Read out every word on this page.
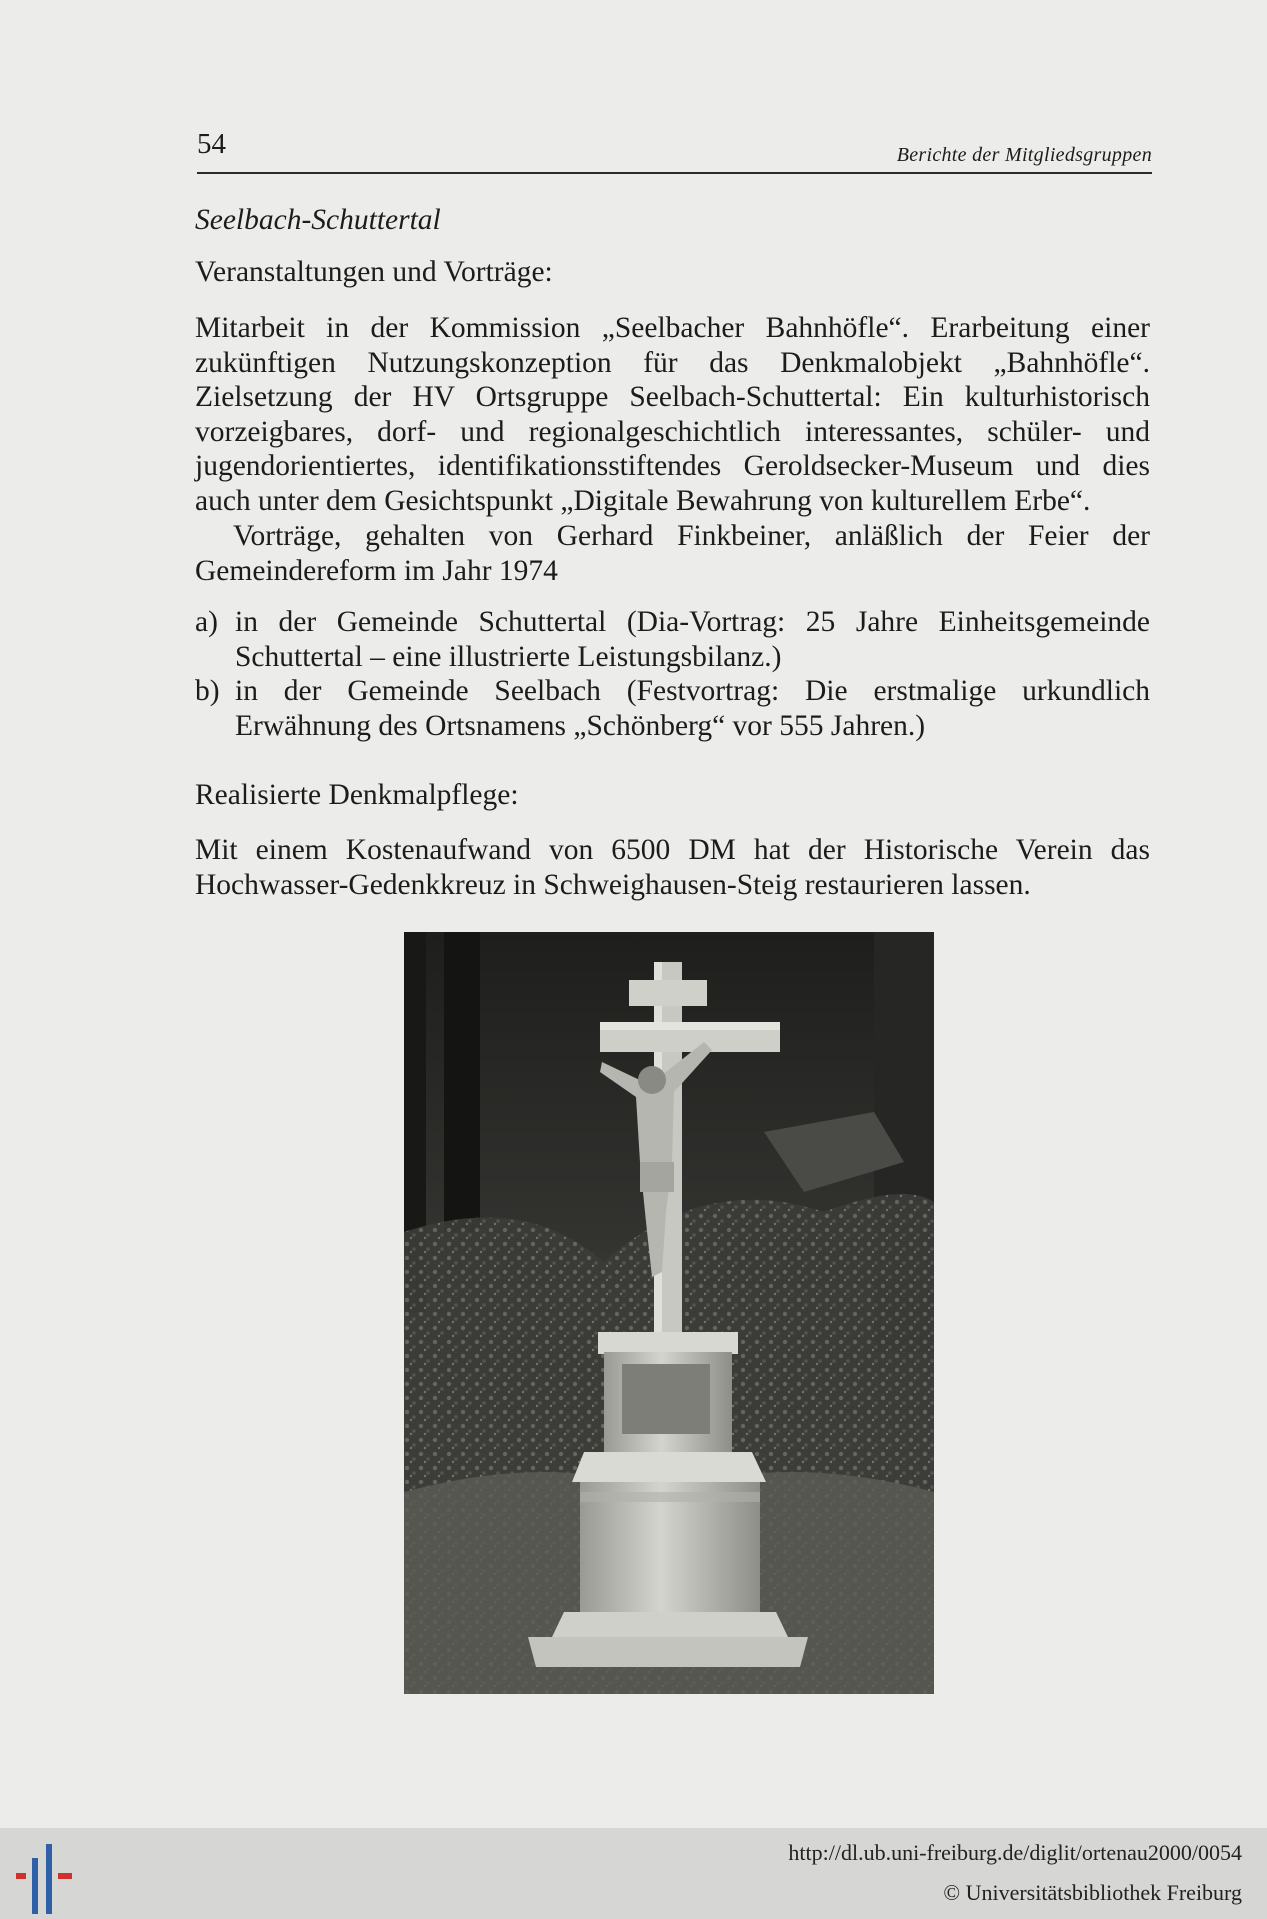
54	Berichte der Mitgliedsgruppen
Seelbach-Schuttertal
Veranstaltungen und Vorträge:
Mitarbeit in der Kommission „Seelbacher Bahnhöfle“. Erarbeitung einer zukünftigen Nutzungskonzeption für das Denkmalobjekt „Bahnhöfle“. Zielsetzung der HV Ortsgruppe Seelbach-Schuttertal: Ein kulturhistorisch vorzeigbares, dorf- und regionalgeschichtlich interessantes, schüler- und jugendorientiertes, identifikationsstiftendes Geroldsecker-Museum und dies auch unter dem Gesichtspunkt „Digitale Bewahrung von kulturellem Erbe“.
Vorträge, gehalten von Gerhard Finkbeiner, anläßlich der Feier der Gemeindereform im Jahr 1974
a) in der Gemeinde Schuttertal (Dia-Vortrag: 25 Jahre Einheitsgemeinde Schuttertal – eine illustrierte Leistungsbilanz.)
b) in der Gemeinde Seelbach (Festvortrag: Die erstmalige urkundlich Erwähnung des Ortsnamens „Schönberg“ vor 555 Jahren.)
Realisierte Denkmalpflege:
Mit einem Kostenaufwand von 6500 DM hat der Historische Verein das Hochwasser-Gedenkkreuz in Schweighausen-Steig restaurieren lassen.
http://dl.ub.uni-freiburg.de/diglit/ortenau2000/0054
© Universitätsbibliothek Freiburg
